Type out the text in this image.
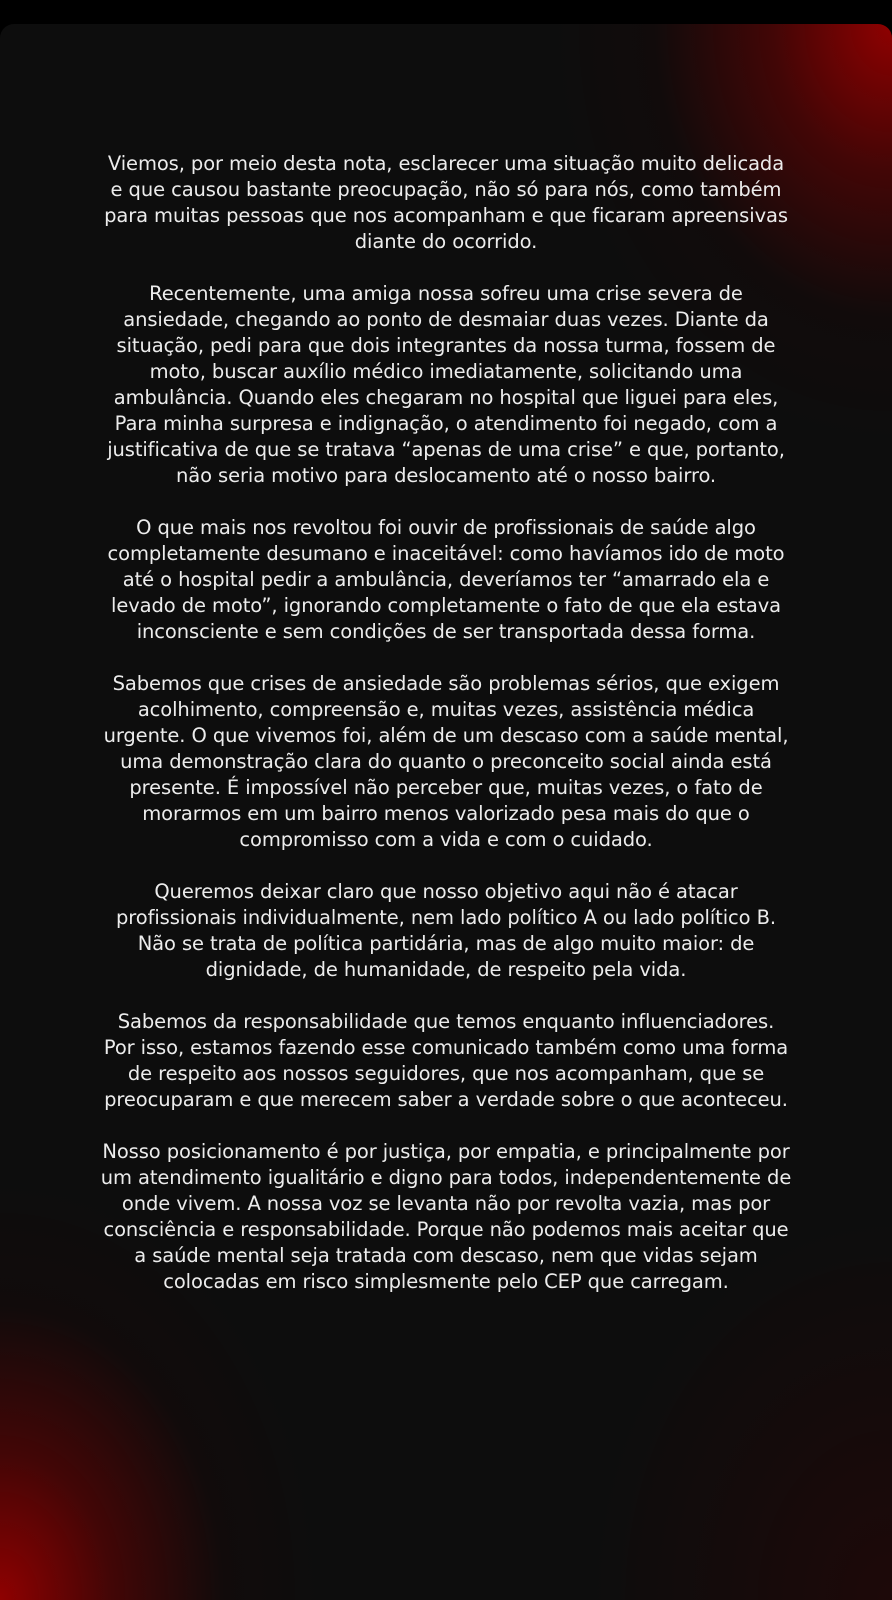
Viemos, por meio desta nota, esclarecer uma situação muito delicada e que causou bastante preocupação, não só para nós, como também para muitas pessoas que nos acompanham e que ficaram apreensivas diante do ocorrido.

Recentemente, uma amiga nossa sofreu uma crise severa de ansiedade, chegando ao ponto de desmaiar duas vezes. Diante da situação, pedi para que dois integrantes da nossa turma, fossem de moto, buscar auxílio médico imediatamente, solicitando uma ambulância. Quando eles chegaram no hospital que liguei para eles, Para minha surpresa e indignação, o atendimento foi negado, com a justificativa de que se tratava “apenas de uma crise” e que, portanto, não seria motivo para deslocamento até o nosso bairro.

O que mais nos revoltou foi ouvir de profissionais de saúde algo completamente desumano e inaceitável: como havíamos ido de moto até o hospital pedir a ambulância, deveríamos ter “amarrado ela e levado de moto”, ignorando completamente o fato de que ela estava inconsciente e sem condições de ser transportada dessa forma.

Sabemos que crises de ansiedade são problemas sérios, que exigem acolhimento, compreensão e, muitas vezes, assistência médica urgente. O que vivemos foi, além de um descaso com a saúde mental, uma demonstração clara do quanto o preconceito social ainda está presente. É impossível não perceber que, muitas vezes, o fato de morarmos em um bairro menos valorizado pesa mais do que o compromisso com a vida e com o cuidado.

Queremos deixar claro que nosso objetivo aqui não é atacar profissionais individualmente, nem lado político A ou lado político B. Não se trata de política partidária, mas de algo muito maior: de dignidade, de humanidade, de respeito pela vida.

Sabemos da responsabilidade que temos enquanto influenciadores. Por isso, estamos fazendo esse comunicado também como uma forma de respeito aos nossos seguidores, que nos acompanham, que se preocuparam e que merecem saber a verdade sobre o que aconteceu.

Nosso posicionamento é por justiça, por empatia, e principalmente por um atendimento igualitário e digno para todos, independentemente de onde vivem. A nossa voz se levanta não por revolta vazia, mas por consciência e responsabilidade. Porque não podemos mais aceitar que a saúde mental seja tratada com descaso, nem que vidas sejam colocadas em risco simplesmente pelo CEP que carregam.
